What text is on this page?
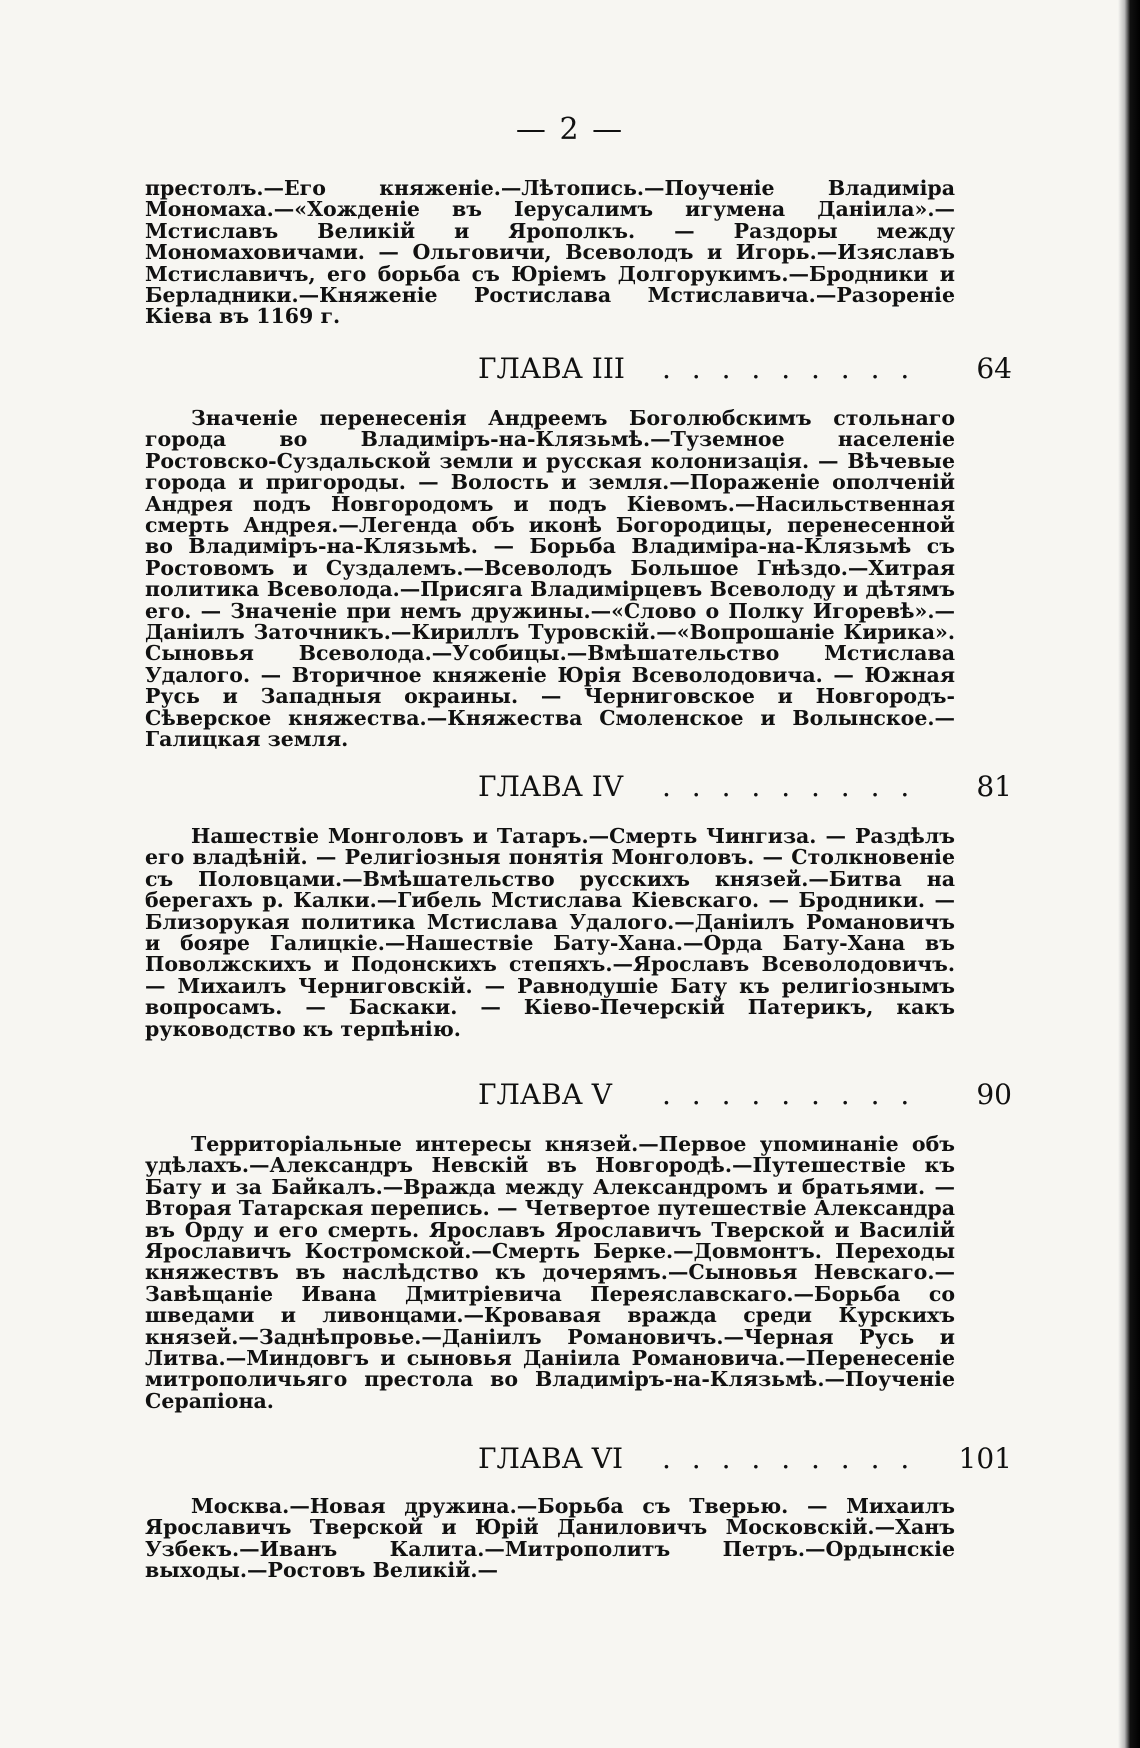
— 2 —
престолъ.—Его княженіе.—Лѣтопись.—Поученіе Владиміра Мономаха.—«Хожденіе въ Іерусалимъ игумена Даніила».—Мстиславъ Великій и Ярополкъ. — Раздоры между Мономаховичами. — Ольговичи, Всеволодъ и Игорь.—Изяславъ Мстиславичъ, его борьба съ Юріемъ Долгорукимъ.—Бродники и Берладники.—Княженіе Ростислава Мстиславича.—Разореніе Кіева въ 1169 г.
ГЛАВА III . . . . . . . . . 64
Значеніе перенесенія Андреемъ Боголюбскимъ стольнаго города во Владиміръ-на-Клязьмѣ.—Туземное населеніе Ростовско-Суздальской земли и русская колонизація. — Вѣчевые города и пригороды. — Волость и земля.—Пораженіе ополченій Андрея подъ Новгородомъ и подъ Кіевомъ.—Насильственная смерть Андрея.—Легенда объ иконѣ Богородицы, перенесенной во Владиміръ-на-Клязьмѣ. — Борьба Владиміра-на-Клязьмѣ съ Ростовомъ и Суздалемъ.—Всеволодъ Большое Гнѣздо.—Хитрая политика Всеволода.—Присяга Владимірцевъ Всеволоду и дѣтямъ его. — Значеніе при немъ дружины.—«Слово о Полку Игоревѣ».—Даніилъ Заточникъ.—Кириллъ Туровскій.—«Вопрошаніе Кирика». Сыновья Всеволода.—Усобицы.—Вмѣшательство Мстислава Удалого. — Вторичное княженіе Юрія Всеволодовича. — Южная Русь и Западныя окраины. — Черниговское и Новгородъ-Сѣверское княжества.—Княжества Смоленское и Волынское.—Галицкая земля.
ГЛАВА IV . . . . . . . . . 81
Нашествіе Монголовъ и Татаръ.—Смерть Чингиза. — Раздѣлъ его владѣній. — Религіозныя понятія Монголовъ. — Столкновеніе съ Половцами.—Вмѣшательство русскихъ князей.—Битва на берегахъ р. Калки.—Гибель Мстислава Кіевскаго. — Бродники. — Близорукая политика Мстислава Удалого.—Даніилъ Романовичъ и бояре Галицкіе.—Нашествіе Бату-Хана.—Орда Бату-Хана въ Поволжскихъ и Подонскихъ степяхъ.—Ярославъ Всеволодовичъ. — Михаилъ Черниговскій. — Равнодушіе Бату къ религіознымъ вопросамъ. — Баскаки. — Кіево-Печерскій Патерикъ, какъ руководство къ терпѣнію.
ГЛАВА V . . . . . . . . . 90
Территоріальные интересы князей.—Первое упоминаніе объ удѣлахъ.—Александръ Невскій въ Новгородѣ.—Путешествіе къ Бату и за Байкалъ.—Вражда между Александромъ и братьями. — Вторая Татарская перепись. — Четвертое путешествіе Александра въ Орду и его смерть. Ярославъ Ярославичъ Тверской и Василій Ярославичъ Костромской.—Смерть Берке.—Довмонтъ. Переходы княжествъ въ наслѣдство къ дочерямъ.—Сыновья Невскаго.—Завѣщаніе Ивана Дмитріевича Переяславскаго.—Борьба со шведами и ливонцами.—Кровавая вражда среди Курскихъ князей.—Заднѣпровье.—Даніилъ Романовичъ.—Черная Русь и Литва.—Миндовгъ и сыновья Даніила Романовича.—Перенесеніе митрополичьяго престола во Владиміръ-на-Клязьмѣ.—Поученіе Серапіона.
ГЛАВА VI . . . . . . . . . 101
Москва.—Новая дружина.—Борьба съ Тверью. — Михаилъ Ярославичъ Тверской и Юрій Даниловичъ Московскій.—Ханъ Узбекъ.—Иванъ Калита.—Митрополитъ Петръ.—Ордынскіе выходы.—Ростовъ Великій.—
